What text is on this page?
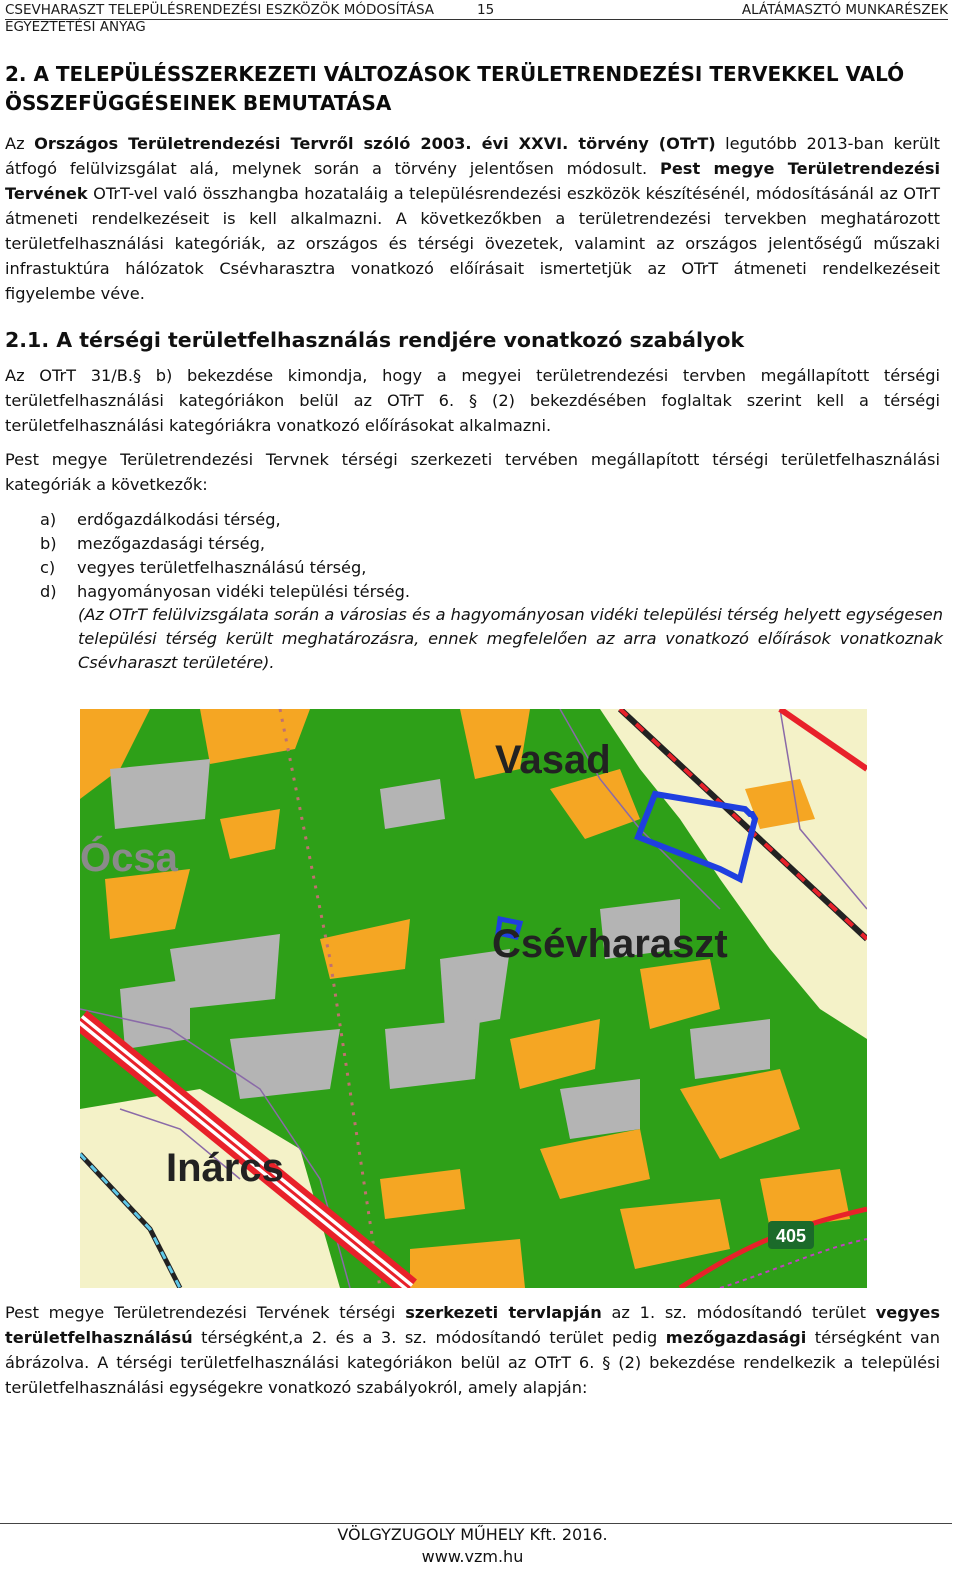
CSEVHARASZT TELEPÜLÉSRENDEZÉSI ESZKÖZÖK MÓDOSÍTÁSA	ALÁTÁMASZTÓ MUNKARÉSZEK
15
EGYEZTETÉSI ANYAG
2. A TELEPÜLÉSSZERKEZETI VÁLTOZÁSOK TERÜLETRENDEZÉSI TERVEKKEL VALÓ ÖSSZEFÜGGÉSEINEK BEMUTATÁSA
Az Országos Területrendezési Tervről szóló 2003. évi XXVI. törvény (OTrT) legutóbb 2013-ban került átfogó felülvizsgálat alá, melynek során a törvény jelentősen módosult. Pest megye Területrendezési Tervének OTrT-vel való összhangba hozataláig a településrendezési eszközök készítésénél, módosításánál az OTrT átmeneti rendelkezéseit is kell alkalmazni. A következőkben a területrendezési tervekben meghatározott területfelhasználási kategóriák, az országos és térségi övezetek, valamint az országos jelentőségű műszaki infrastuktúra hálózatok Csévharasztra vonatkozó előírásait ismertetjük az OTrT átmeneti rendelkezéseit figyelembe véve.
2.1. A térségi területfelhasználás rendjére vonatkozó szabályok
Az OTrT 31/B.§ b) bekezdése kimondja, hogy a megyei területrendezési tervben megállapított térségi területfelhasználási kategóriákon belül az OTrT 6. § (2) bekezdésében foglaltak szerint kell a térségi területfelhasználási kategóriákra vonatkozó előírásokat alkalmazni.
Pest megye Területrendezési Tervnek térségi szerkezeti tervében megállapított térségi területfelhasználási kategóriák a következők:
a)	erdőgazdálkodási térség,
b)	mezőgazdasági térség,
c)	vegyes területfelhasználású térség,
d)	hagyományosan vidéki települési térség.
(Az OTrT felülvizsgálata során a városias és a hagyományosan vidéki települési térség helyett egységesen települési térség került meghatározásra, ennek megfelelően az arra vonatkozó előírások vonatkoznak Csévharaszt területére).
Vasad
Ócsa
Csévharaszt
Inárcs
405
Pest megye Területrendezési Tervének térségi szerkezeti tervlapján az 1. sz. módosítandó terület vegyes területfelhasználású térségként,a 2. és a 3. sz. módosítandó terület pedig mezőgazdasági térségként van ábrázolva. A térségi területfelhasználási kategóriákon belül az OTrT 6. § (2) bekezdése rendelkezik a települési területfelhasználási egységekre vonatkozó szabályokról, amely alapján:
VÖLGYZUGOLY MŰHELY Kft. 2016.
www.vzm.hu
